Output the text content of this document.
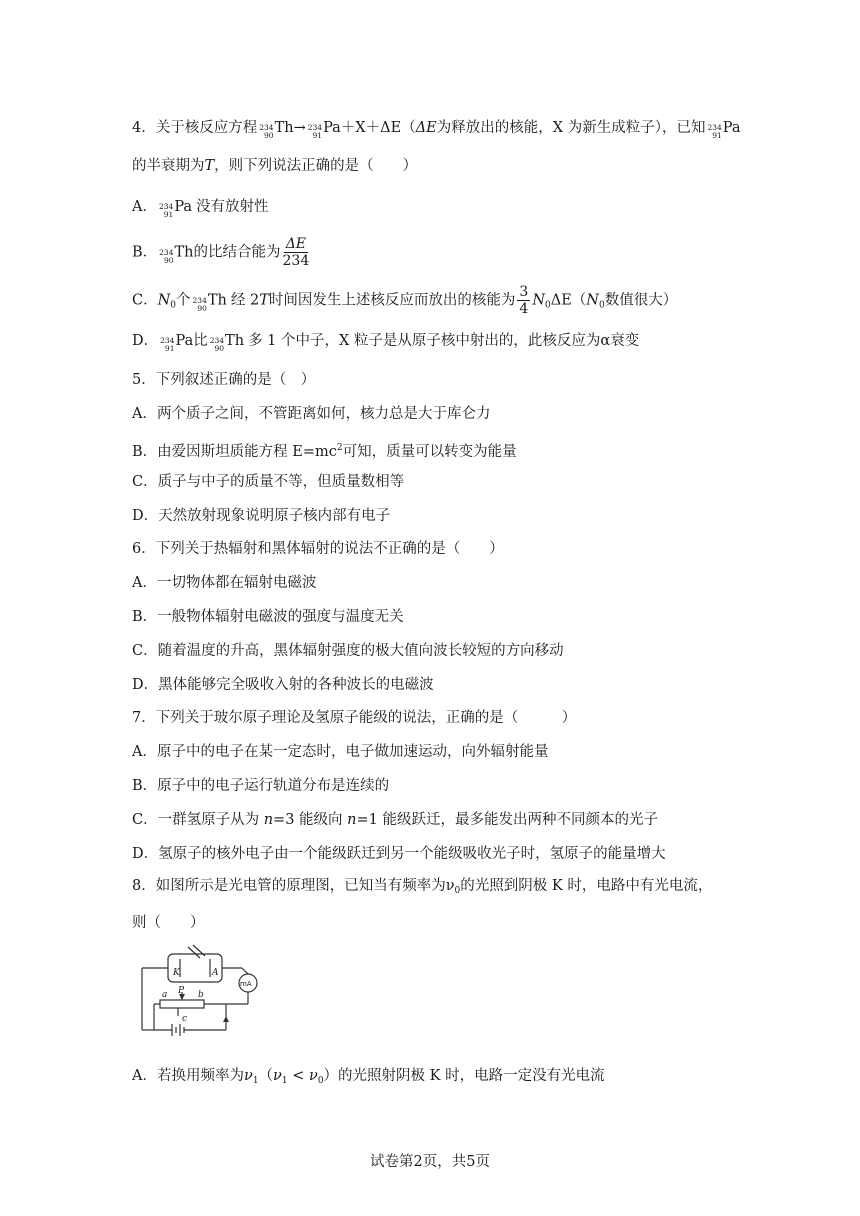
4．关于核反应方程 234
90 Th→ 234
91 Pa＋X＋ΔE（ΔE为释放出的核能，X 为新生成粒子），已知 234
91 Pa
的半衰期为T，则下列说法正确的是（　　）
A． 234
91 Pa 没有放射性
B． 234
90 Th的比结合能为 $\frac{\Delta E}{234}$
C．$N_0$个 234
90 Th 经 2T时间因发生上述核反应而放出的核能为 $\frac{3}{4} N_0\Delta E(N_0$数值很大）
D． 234
91 Pa比 234
90 Th 多 1 个中子，X 粒子是从原子核中射出的，此核反应为α衰变
5．下列叙述正确的是（　）
A．两个质子之间，不管距离如何，核力总是大于库仑力
B．由爱因斯坦质能方程 $E=mc^2$可知，质量可以转变为能量
C．质子与中子的质量不等，但质量数相等
D．天然放射现象说明原子核内部有电子
6．下列关于热辐射和黑体辐射的说法不正确的是（　　）
A．一切物体都在辐射电磁波
B．一般物体辐射电磁波的强度与温度无关
C．随着温度的升高，黑体辐射强度的极大值向波长较短的方向移动
D．黑体能够完全吸收入射的各种波长的电磁波
7．下列关于玻尔原子理论及氢原子能级的说法，正确的是（　　　）
A．原子中的电子在某一定态时，电子做加速运动，向外辐射能量
B．原子中的电子运行轨道分布是连续的
C．一群氢原子从为 n=3 能级向 n=1 能级跃迁，最多能发出两种不同颜本的光子
D．氢原子的核外电子由一个能级跃迁到另一个能级吸收光子时，氢原子的能量增大
8．如图所示是光电管的原理图，已知当有频率为$\nu_0$的光照到阴极 K 时，电路中有光电流，
则（　　）
K	A
a P b
c
mA
A．若换用频率为$\nu_1(\nu_1 < \nu_0)$的光照射阴极 K 时，电路一定没有光电流
试卷第2页，共5页
